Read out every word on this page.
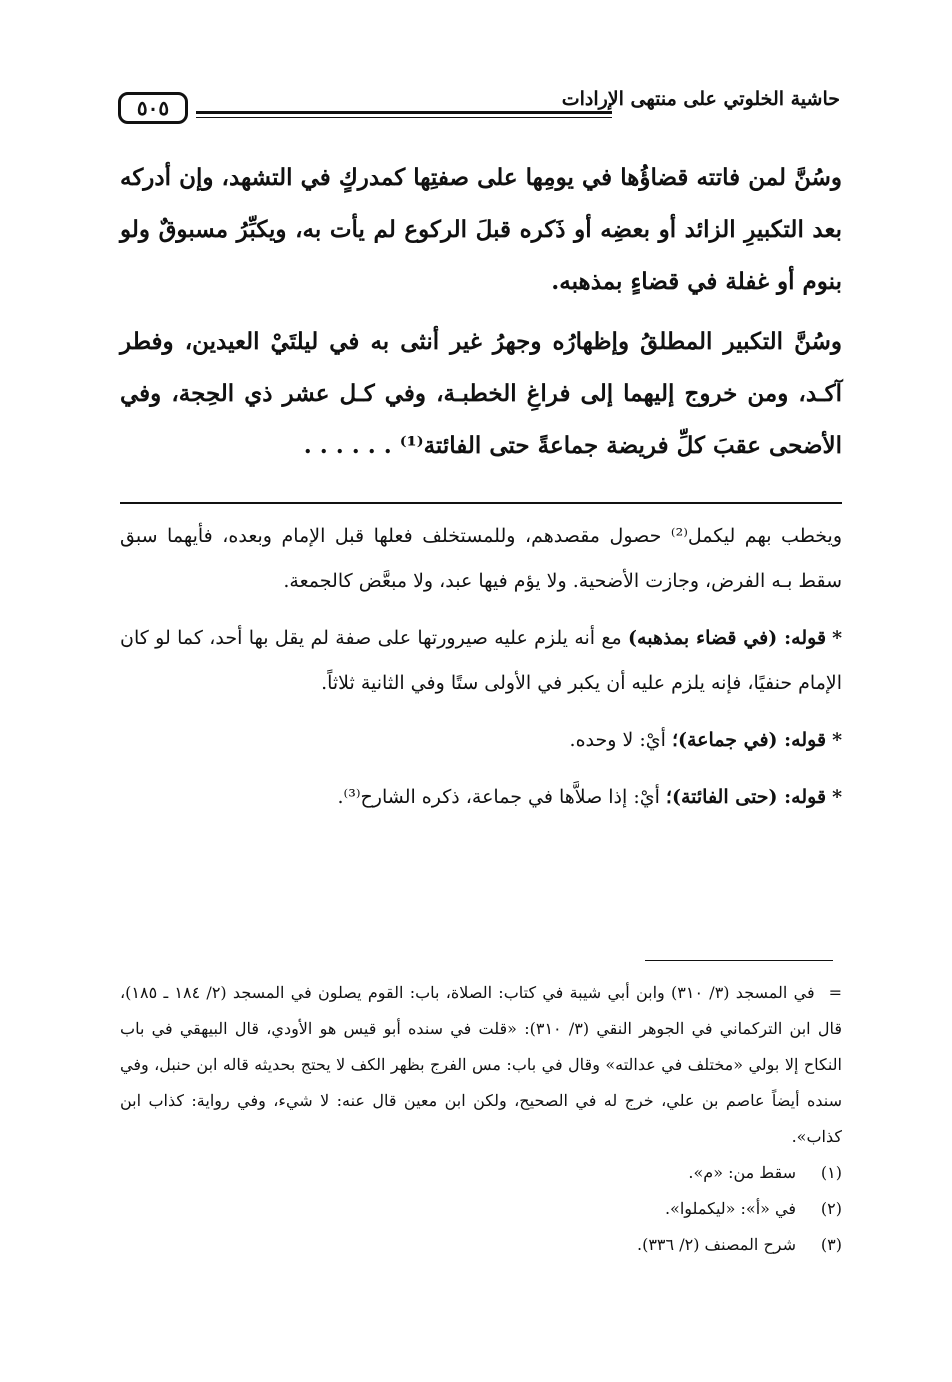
٥٠٥	حاشية الخلوتي على منتهى الإرادات

وسُنَّ لمن فاتته قضاؤُها في يومِها على صفتِها كمدركٍ في التشهد، وإن أدركه بعد التكبيرِ الزائد أو بعضِه أو ذَكره قبلَ الركوع لم يأت به، ويكبِّرُ مسبوقٌ ولو بنوم أو غفلة في قضاءٍ بمذهبه.

وسُنَّ التكبير المطلقُ وإظهارُه وجهرُ غير أنثى به في ليلتَيْ العيدين، وفطر آكـد، ومن خروج إليهما إلى فراغِ الخطبـة، وفي كـل عشر ذي الحِجة، وفي الأضحى عقبَ كلِّ فريضة جماعةً حتى الفائتة⁽¹⁾ . . . . . .

ويخطب بهم ليكمل⁽²⁾ حصول مقصدهم، وللمستخلف فعلها قبل الإمام وبعده، فأيهما سبق سقط بـه الفرض، وجازت الأضحية. ولا يؤم فيها عبد، ولا مبعَّض كالجمعة.

*قوله: (في قضاء بمذهبه) مع أنه يلزم عليه صيرورتها على صفة لم يقل بها أحد، كما لو كان الإمام حنفيًا، فإنه يلزم عليه أن يكبر في الأولى ستًا وفي الثانية ثلاثاً.

*قوله: (في جماعة)؛ أيْ: لا وحده.

*قوله: (حتى الفائتة)؛ أيْ: إذا صلاَّها في جماعة، ذكره الشارح⁽³⁾.

=في المسجد (٣/ ٣١٠) وابن أبي شيبة في كتاب: الصلاة، باب: القوم يصلون في المسجد (٢/ ١٨٤ ـ ١٨٥)، قال ابن التركماني في الجوهر النقي (٣/ ٣١٠): «قلت في سنده أبو قيس هو الأودي، قال البيهقي في باب النكاح إلا بولي «مختلف في عدالته» وقال في باب: مس الفرج بظهر الكف لا يحتج بحديثه قاله ابن حنبل، وفي سنده أيضاً عاصم بن علي، خرج له في الصحيح، ولكن ابن معين قال عنه: لا شيء، وفي رواية: كذاب ابن كذاب».

(١)
سقط من: «م».
(٢)
في «أ»: «ليكملوا».
(٣)
شرح المصنف (٢/ ٣٣٦).
